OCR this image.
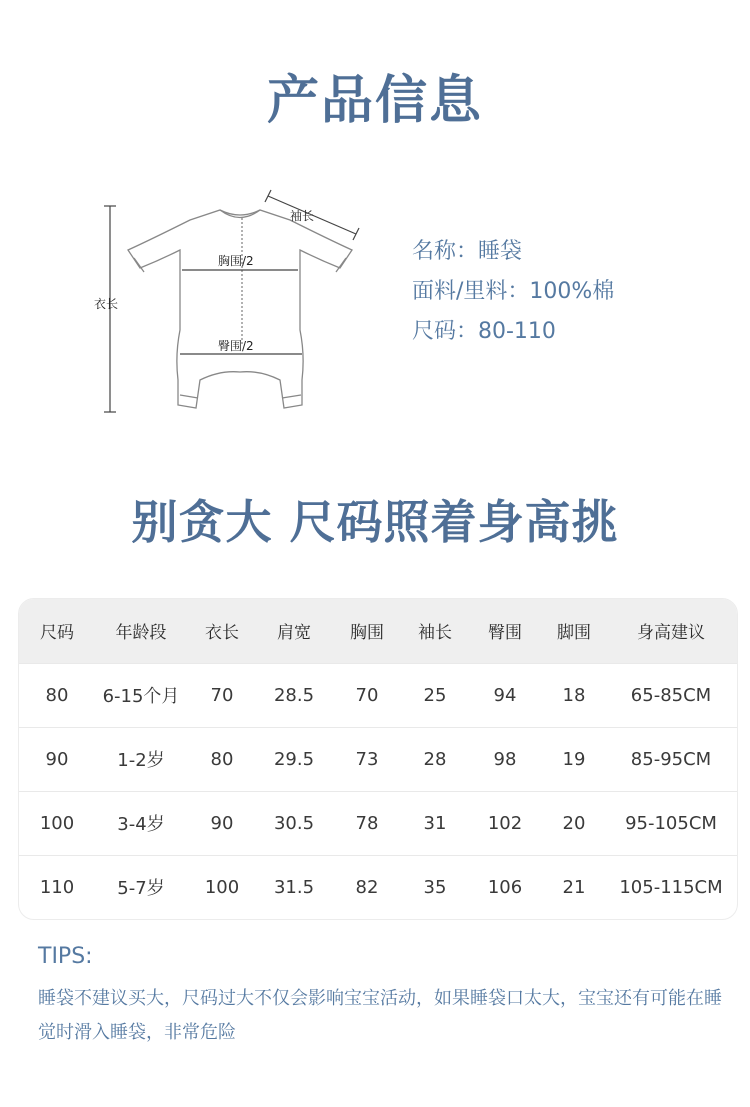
产品信息
袖长
胸围/2
衣长
臀围/2
名称：睡袋
面料/里料：100%棉
尺码：80-110
别贪大 尺码照着身高挑
尺码	年龄段	衣长	肩宽	胸围	袖长	臀围	脚围	身高建议
80	6-15个月	70	28.5	70	25	94	18	65-85CM
90	1-2岁	80	29.5	73	28	98	19	85-95CM
100	3-4岁	90	30.5	78	31	102	20	95-105CM
110	5-7岁	100	31.5	82	35	106	21	105-115CM
TIPS:
睡袋不建议买大，尺码过大不仅会影响宝宝活动，如果睡袋口太大，宝宝还有可能在睡觉时滑入睡袋，非常危险
